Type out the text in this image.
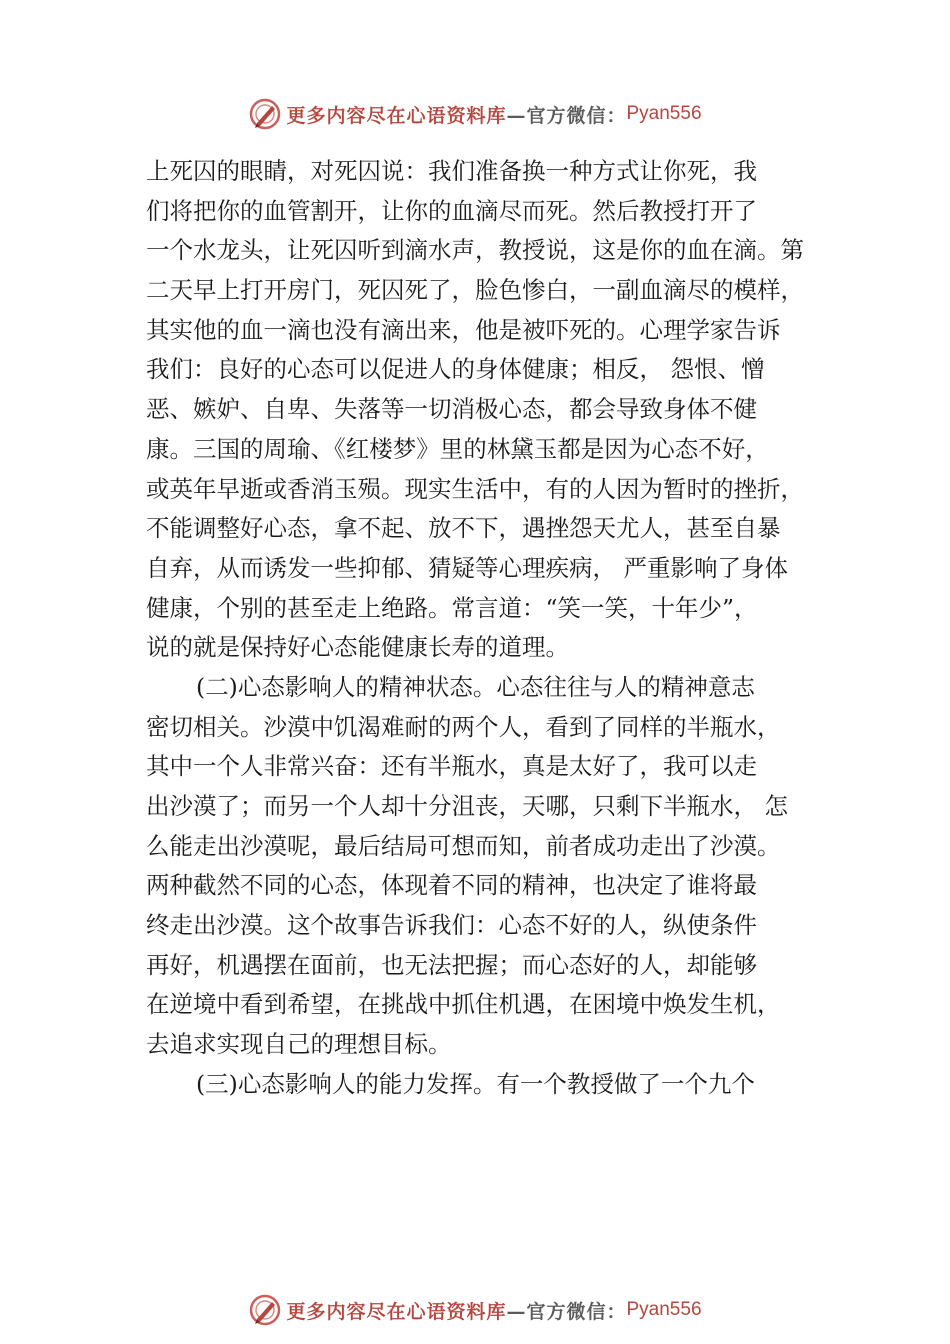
更多内容尽在心语资料库 —官方微信： Pyan556
上死囚的眼睛，对死囚说：我们准备换一种方式让你死，我
们将把你的血管割开，让你的血滴尽而死。然后教授打开了
一个水龙头，让死囚听到滴水声，教授说，这是你的血在滴。第
二天早上打开房门，死囚死了，脸色惨白，一副血滴尽的模样，
其实他的血一滴也没有滴出来，他是被吓死的。心理学家告诉
我们：良好的心态可以促进人的身体健康；相反， 怨恨、憎
恶、嫉妒、自卑、失落等一切消极心态，都会导致身体不健
康。三国的周瑜、《红楼梦》里的林黛玉都是因为心态不好，
或英年早逝或香消玉殒。现实生活中，有的人因为暂时的挫折，
不能调整好心态，拿不起、放不下，遇挫怨天尤人，甚至自暴
自弃，从而诱发一些抑郁、猜疑等心理疾病， 严重影响了身体
健康，个别的甚至走上绝路。常言道：“笑一笑，十年少”，
说的就是保持好心态能健康长寿的道理。
(二)心态影响人的精神状态。心态往往与人的精神意志
密切相关。沙漠中饥渴难耐的两个人，看到了同样的半瓶水，
其中一个人非常兴奋：还有半瓶水，真是太好了，我可以走
出沙漠了；而另一个人却十分沮丧，天哪，只剩下半瓶水， 怎
么能走出沙漠呢，最后结局可想而知，前者成功走出了沙漠。
两种截然不同的心态，体现着不同的精神，也决定了谁将最
终走出沙漠。这个故事告诉我们：心态不好的人，纵使条件
再好，机遇摆在面前，也无法把握；而心态好的人，却能够
在逆境中看到希望，在挑战中抓住机遇，在困境中焕发生机，
去追求实现自己的理想目标。
(三)心态影响人的能力发挥。有一个教授做了一个九个
更多内容尽在心语资料库 —官方微信： Pyan556
